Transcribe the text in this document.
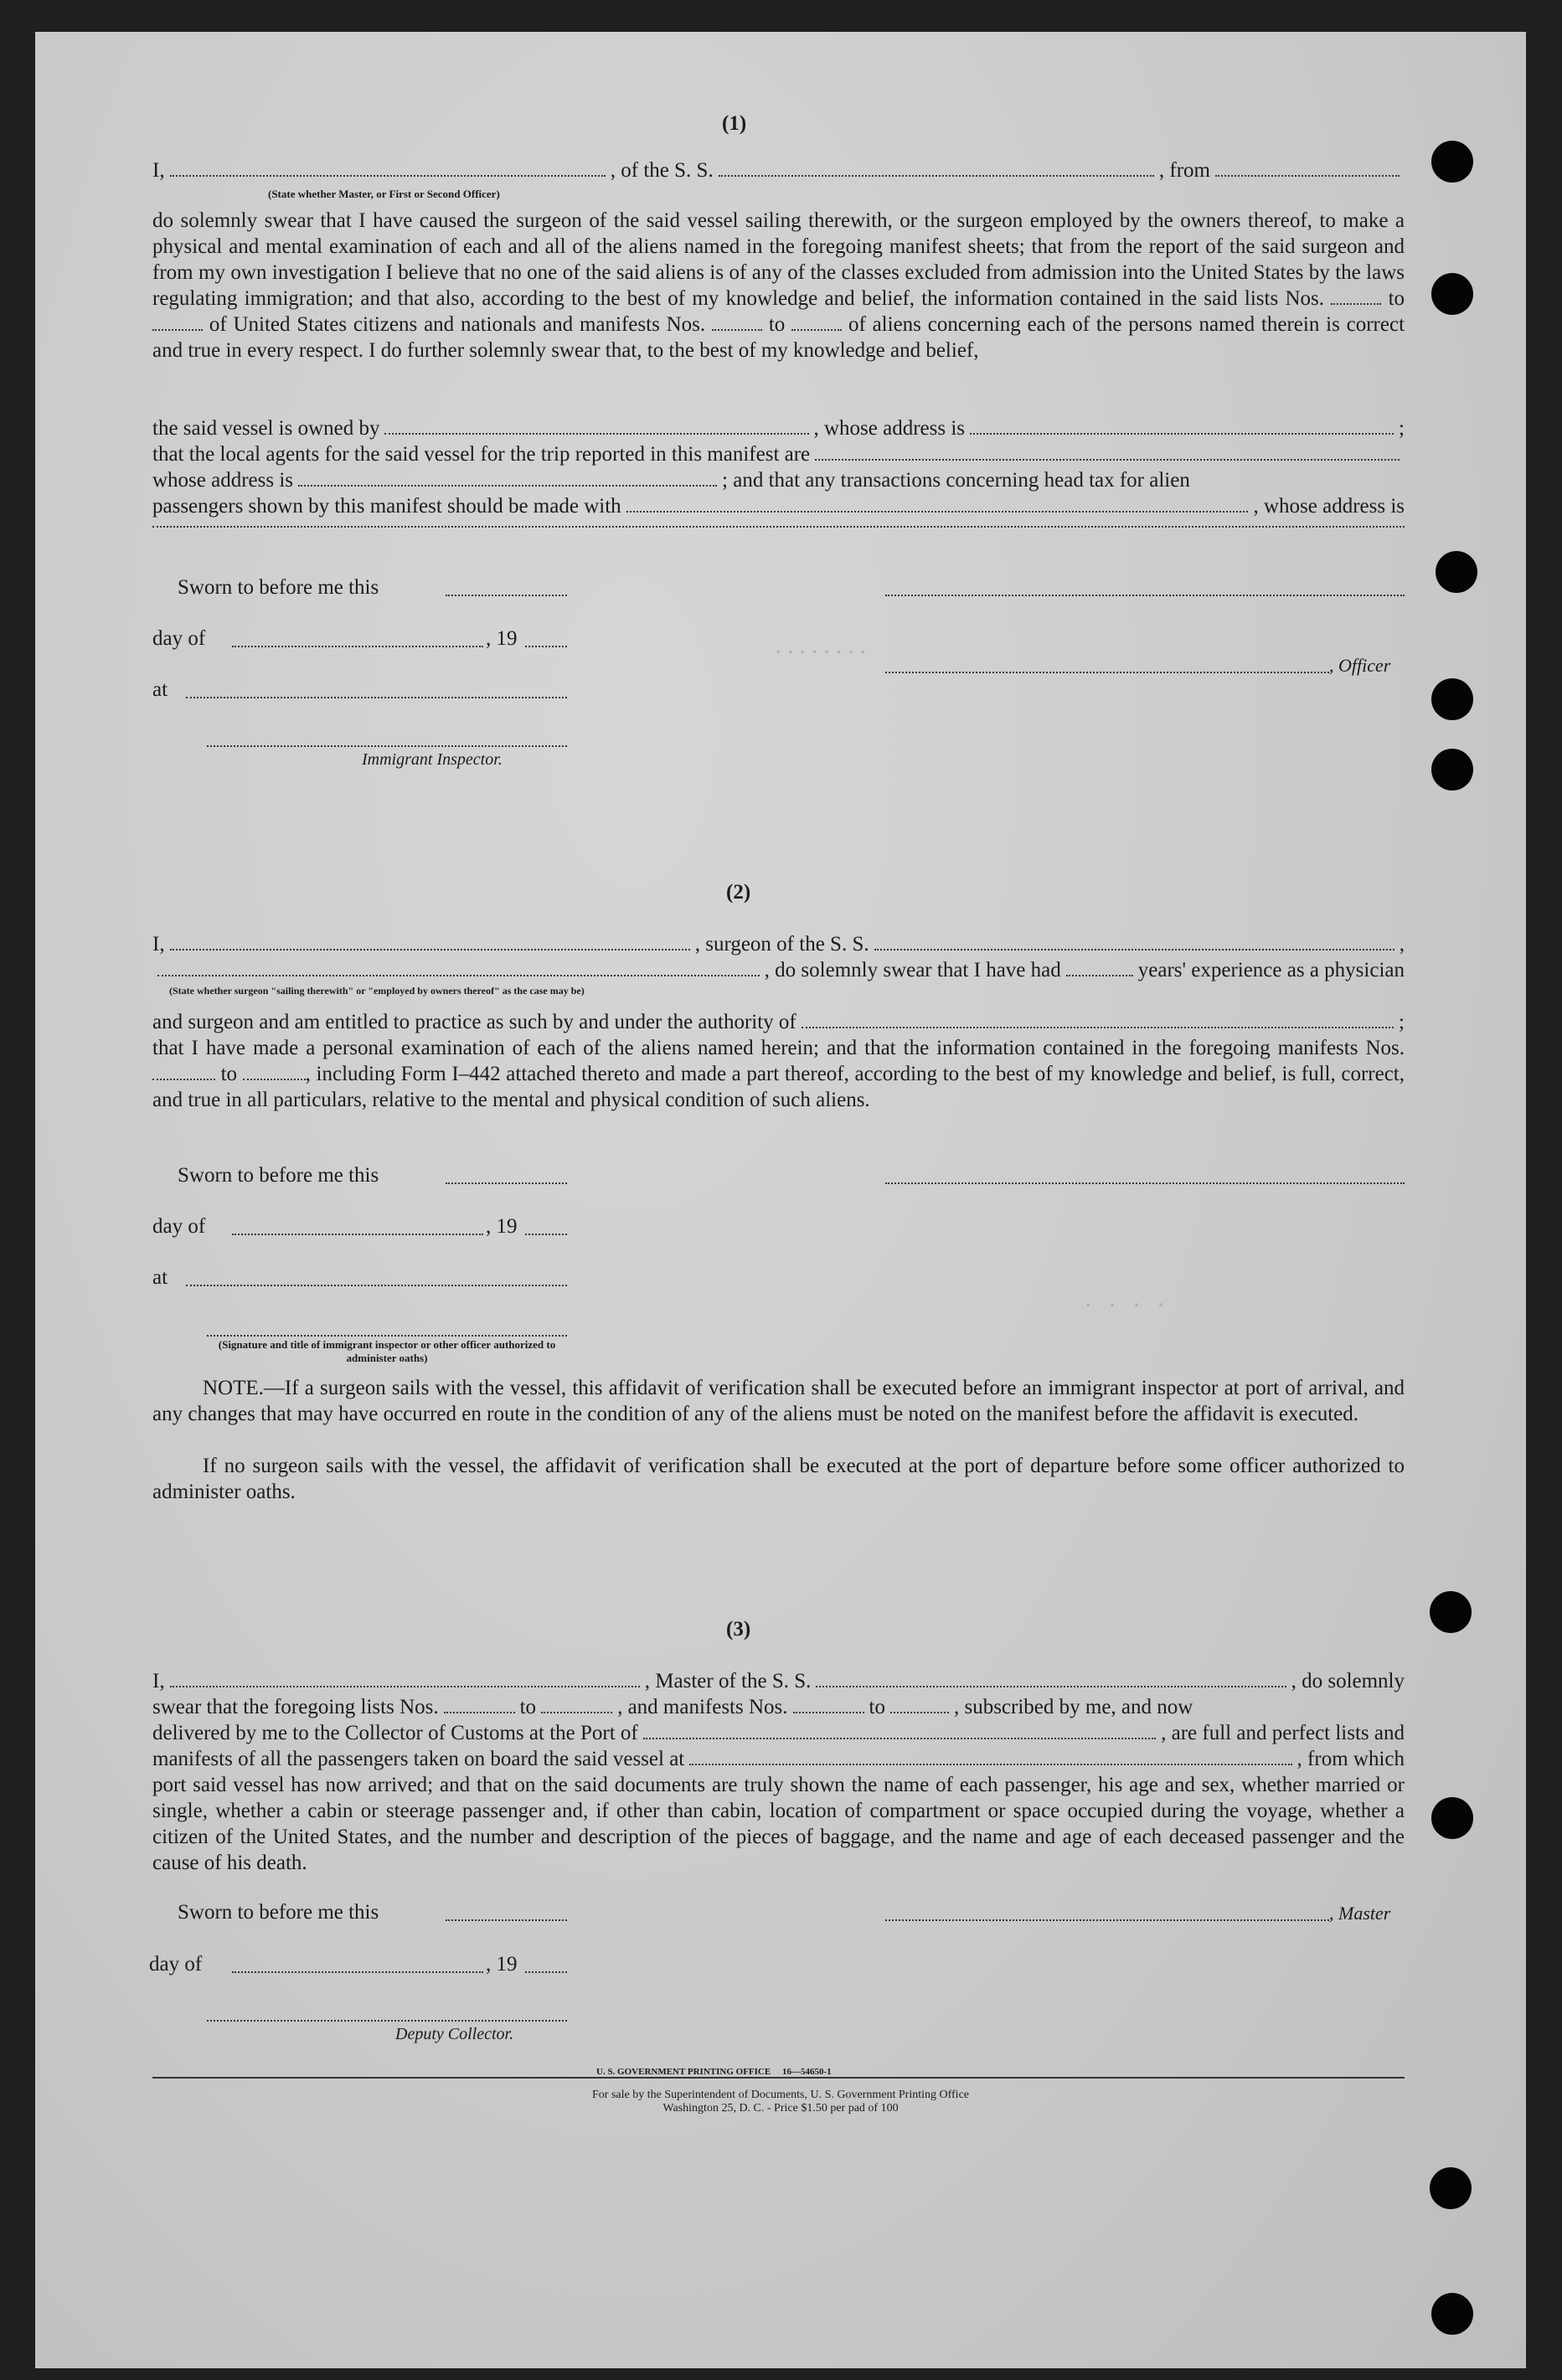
........
. . . .
(1)
I,	, of the S. S.	, from
(State whether Master, or First or Second Officer)
do solemnly swear that I have caused the surgeon of the said vessel sailing therewith, or the surgeon employed by the owners thereof, to make a physical and mental examination of each and all of the aliens named in the foregoing manifest sheets; that from the report of the said surgeon and from my own investigation I believe that no one of the said aliens is of any of the classes excluded from admission into the United States by the laws regulating immigration; and that also, according to the best of my knowledge and belief, the information contained in the said lists Nos.	to  of United States citizens and nationals and manifests Nos.	to	of aliens concerning each of the persons named therein is correct and true in every respect. I do further solemnly swear that, to the best of my knowledge and belief,
the said vessel is owned by	, whose address is	;
that the local agents for the said vessel for the trip reported in this manifest are
whose address is	; and that any transactions concerning head tax for alien
passengers shown by this manifest should be made with	, whose address is
Sworn to before me this
day of	, 19
, Officer
at
Immigrant Inspector.
(2)
I,	, surgeon of the S. S.	,
, do solemnly swear that I have had	years' experience as a physician
(State whether surgeon "sailing therewith" or "employed by owners thereof" as the case may be)
and surgeon and am entitled to practice as such by and under the authority of	;
that I have made a personal examination of each of the aliens named herein; and that the information contained in the foregoing manifests Nos.  to	, including Form I–442 attached thereto and made a part thereof, according to the best of my knowledge and belief, is full, correct, and true in all particulars, relative to the mental and physical condition of such aliens.
Sworn to before me this
day of	, 19
at
(Signature and title of immigrant inspector or other officer authorized to administer oaths)
NOTE.—If a surgeon sails with the vessel, this affidavit of verification shall be executed before an immigrant inspector at port of arrival, and any changes that may have occurred en route in the condition of any of the aliens must be noted on the manifest before the affidavit is executed.
If no surgeon sails with the vessel, the affidavit of verification shall be executed at the port of departure before some officer authorized to administer oaths.
(3)
I,	, Master of the S. S.	, do solemnly
swear that the foregoing lists Nos.	to	, and manifests Nos.	to	, subscribed by me, and now
delivered by me to the Collector of Customs at the Port of	, are full and perfect lists and
manifests of all the passengers taken on board the said vessel at	, from which
port said vessel has now arrived; and that on the said documents are truly shown the name of each passenger, his age and sex, whether married or single, whether a cabin or steerage passenger and, if other than cabin, location of compartment or space occupied during the voyage, whether a citizen of the United States, and the number and description of the pieces of baggage, and the name and age of each deceased passenger and the cause of his death.
Sworn to before me this	, Master
day of	, 19
Deputy Collector.
U. S. GOVERNMENT PRINTING OFFICE     16—54650-1
For sale by the Superintendent of Documents, U. S. Government Printing Office
Washington 25, D. C. - Price $1.50 per pad of 100
